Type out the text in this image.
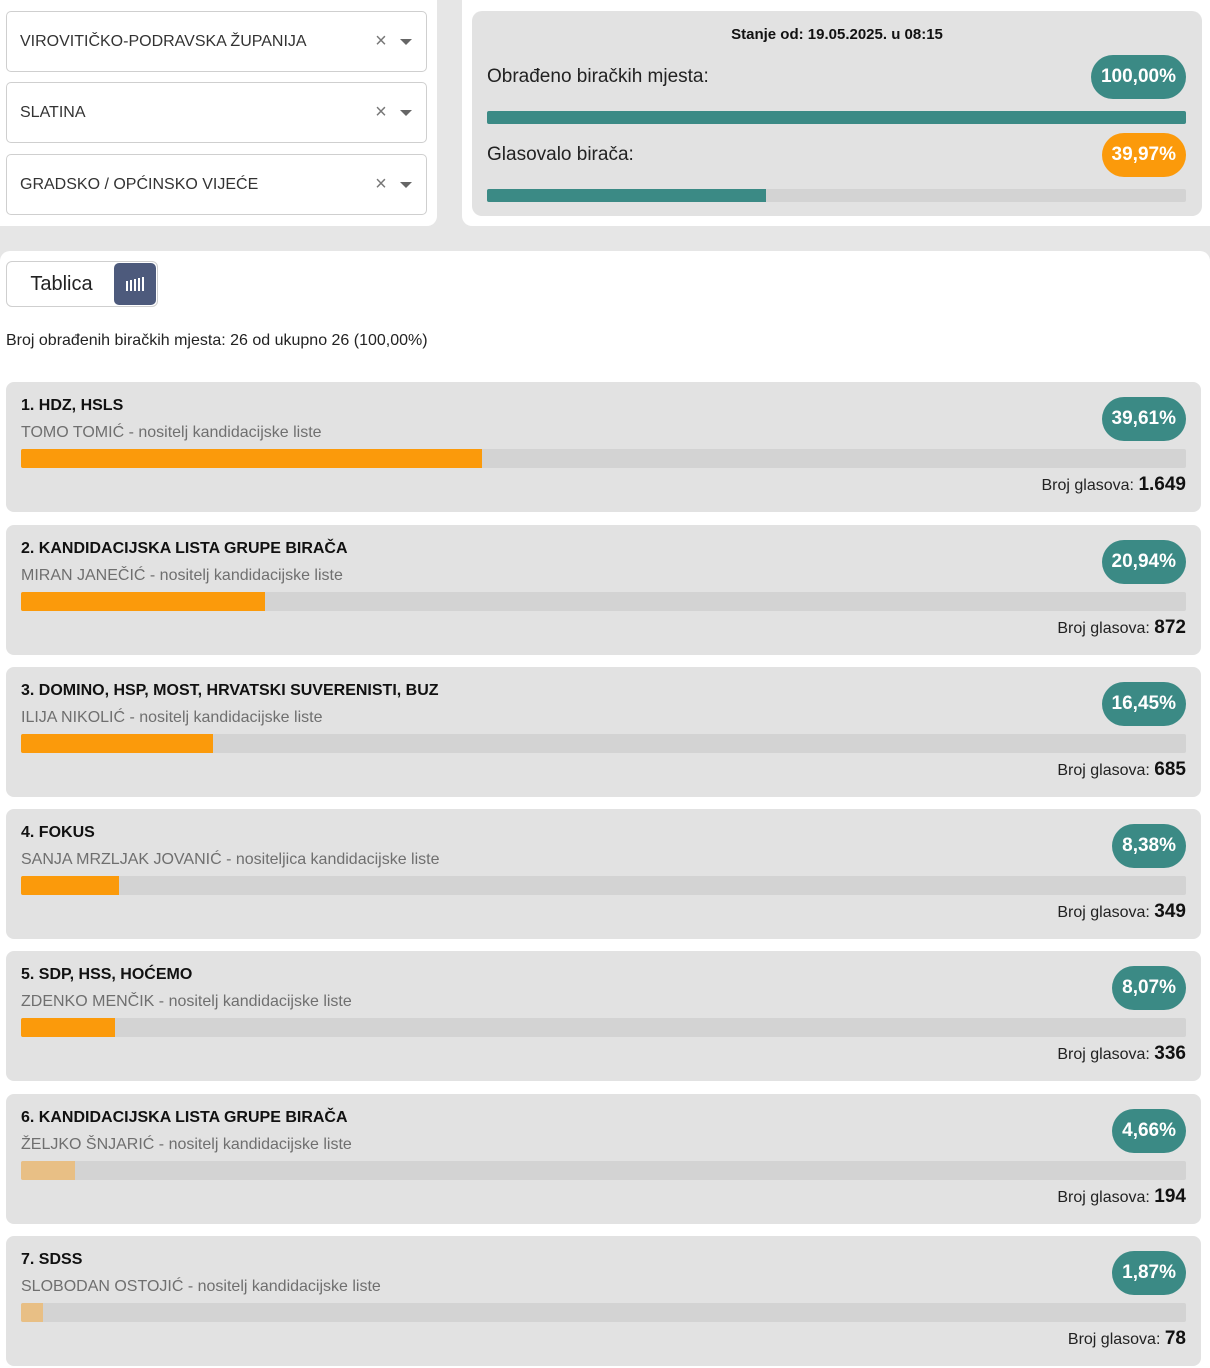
VIROVITIČKO-PODRAVSKA ŽUPANIJA	×
SLATINA	×
GRADSKO / OPĆINSKO VIJEĆE	×
Stanje od: 19.05.2025. u 08:15
Obrađeno biračkih mjesta:	100,00%
Glasovalo birača:	39,97%
Tablica
Broj obrađenih biračkih mjesta: 26 od ukupno 26 (100,00%)
1. HDZ, HSLS
TOMO TOMIĆ - nositelj kandidacijske liste
39,61%
Broj glasova: 1.649
2. KANDIDACIJSKA LISTA GRUPE BIRAČA
MIRAN JANEČIĆ - nositelj kandidacijske liste
20,94%
Broj glasova: 872
3. DOMINO, HSP, MOST, HRVATSKI SUVERENISTI, BUZ
ILIJA NIKOLIĆ - nositelj kandidacijske liste
16,45%
Broj glasova: 685
4. FOKUS
SANJA MRZLJAK JOVANIĆ - nositeljica kandidacijske liste
8,38%
Broj glasova: 349
5. SDP, HSS, HOĆEMO
ZDENKO MENČIK - nositelj kandidacijske liste
8,07%
Broj glasova: 336
6. KANDIDACIJSKA LISTA GRUPE BIRAČA
ŽELJKO ŠNJARIĆ - nositelj kandidacijske liste
4,66%
Broj glasova: 194
7. SDSS
SLOBODAN OSTOJIĆ - nositelj kandidacijske liste
1,87%
Broj glasova: 78
